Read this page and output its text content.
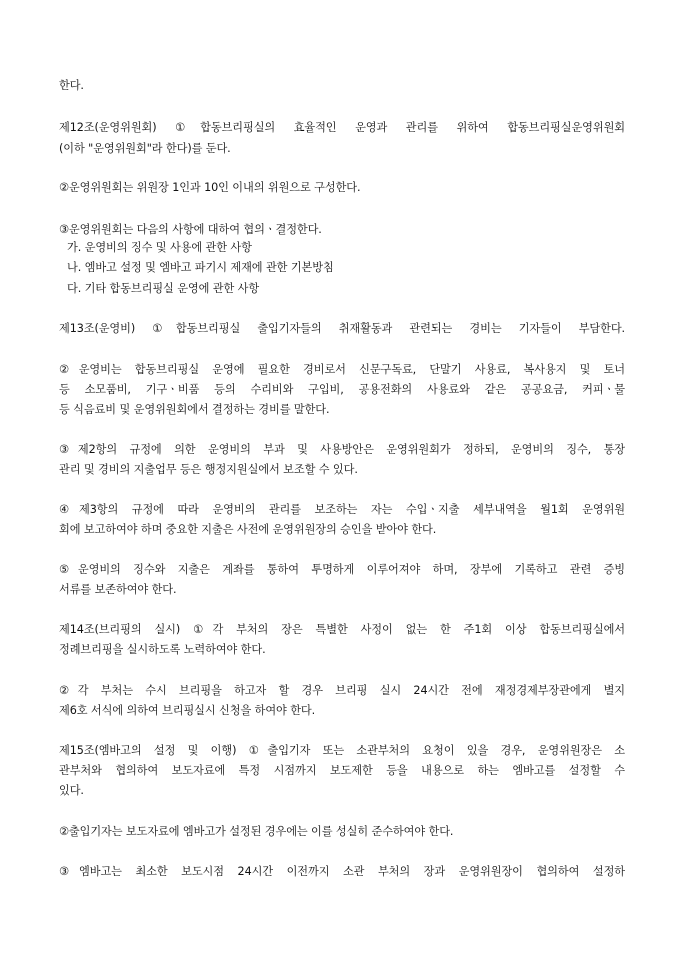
한다.
제12조(운영위원회) ①합동브리핑실의 효율적인 운영과 관리를 위하여 합동브리핑실운영위원회
(이하 "운영위원회"라 한다)를 둔다.
②운영위원회는 위원장 1인과 10인 이내의 위원으로 구성한다.
③운영위원회는 다음의 사항에 대하여 협의ㆍ결정한다.
가. 운영비의 징수 및 사용에 관한 사항
나. 엠바고 설정 및 엠바고 파기시 제재에 관한 기본방침
다. 기타 합동브리핑실 운영에 관한 사항
제13조(운영비) ①합동브리핑실 출입기자들의 취재활동과 관련되는 경비는 기자들이 부담한다.
②운영비는 합동브리핑실 운영에 필요한 경비로서 신문구독료, 단말기 사용료, 복사용지 및 토너
등 소모품비, 기구ㆍ비품 등의 수리비와 구입비, 공용전화의 사용료와 같은 공공요금, 커피ㆍ물
등 식음료비 및 운영위원회에서 결정하는 경비를 말한다.
③제2항의 규정에 의한 운영비의 부과 및 사용방안은 운영위원회가 정하되, 운영비의 징수, 통장
관리 및 경비의 지출업무 등은 행정지원실에서 보조할 수 있다.
④제3항의 규정에 따라 운영비의 관리를 보조하는 자는 수입ㆍ지출 세부내역을 월1회 운영위원
회에 보고하여야 하며 중요한 지출은 사전에 운영위원장의 승인을 받아야 한다.
⑤운영비의 징수와 지출은 계좌를 통하여 투명하게 이루어져야 하며, 장부에 기록하고 관련 증빙
서류를 보존하여야 한다.
제14조(브리핑의 실시) ①각 부처의 장은 특별한 사정이 없는 한 주1회 이상 합동브리핑실에서
정례브리핑을 실시하도록 노력하여야 한다.
②각 부처는 수시 브리핑을 하고자 할 경우 브리핑 실시 24시간 전에 재정경제부장관에게 별지
제6호 서식에 의하여 브리핑실시 신청을 하여야 한다.
제15조(엠바고의 설정 및 이행) ①출입기자 또는 소관부처의 요청이 있을 경우, 운영위원장은 소
관부처와 협의하여 보도자료에 특정 시점까지 보도제한 등을 내용으로 하는 엠바고를 설정할 수
있다.
②출입기자는 보도자료에 엠바고가 설정된 경우에는 이를 성실히 준수하여야 한다.
③엠바고는 최소한 보도시점 24시간 이전까지 소관 부처의 장과 운영위원장이 협의하여 설정하
